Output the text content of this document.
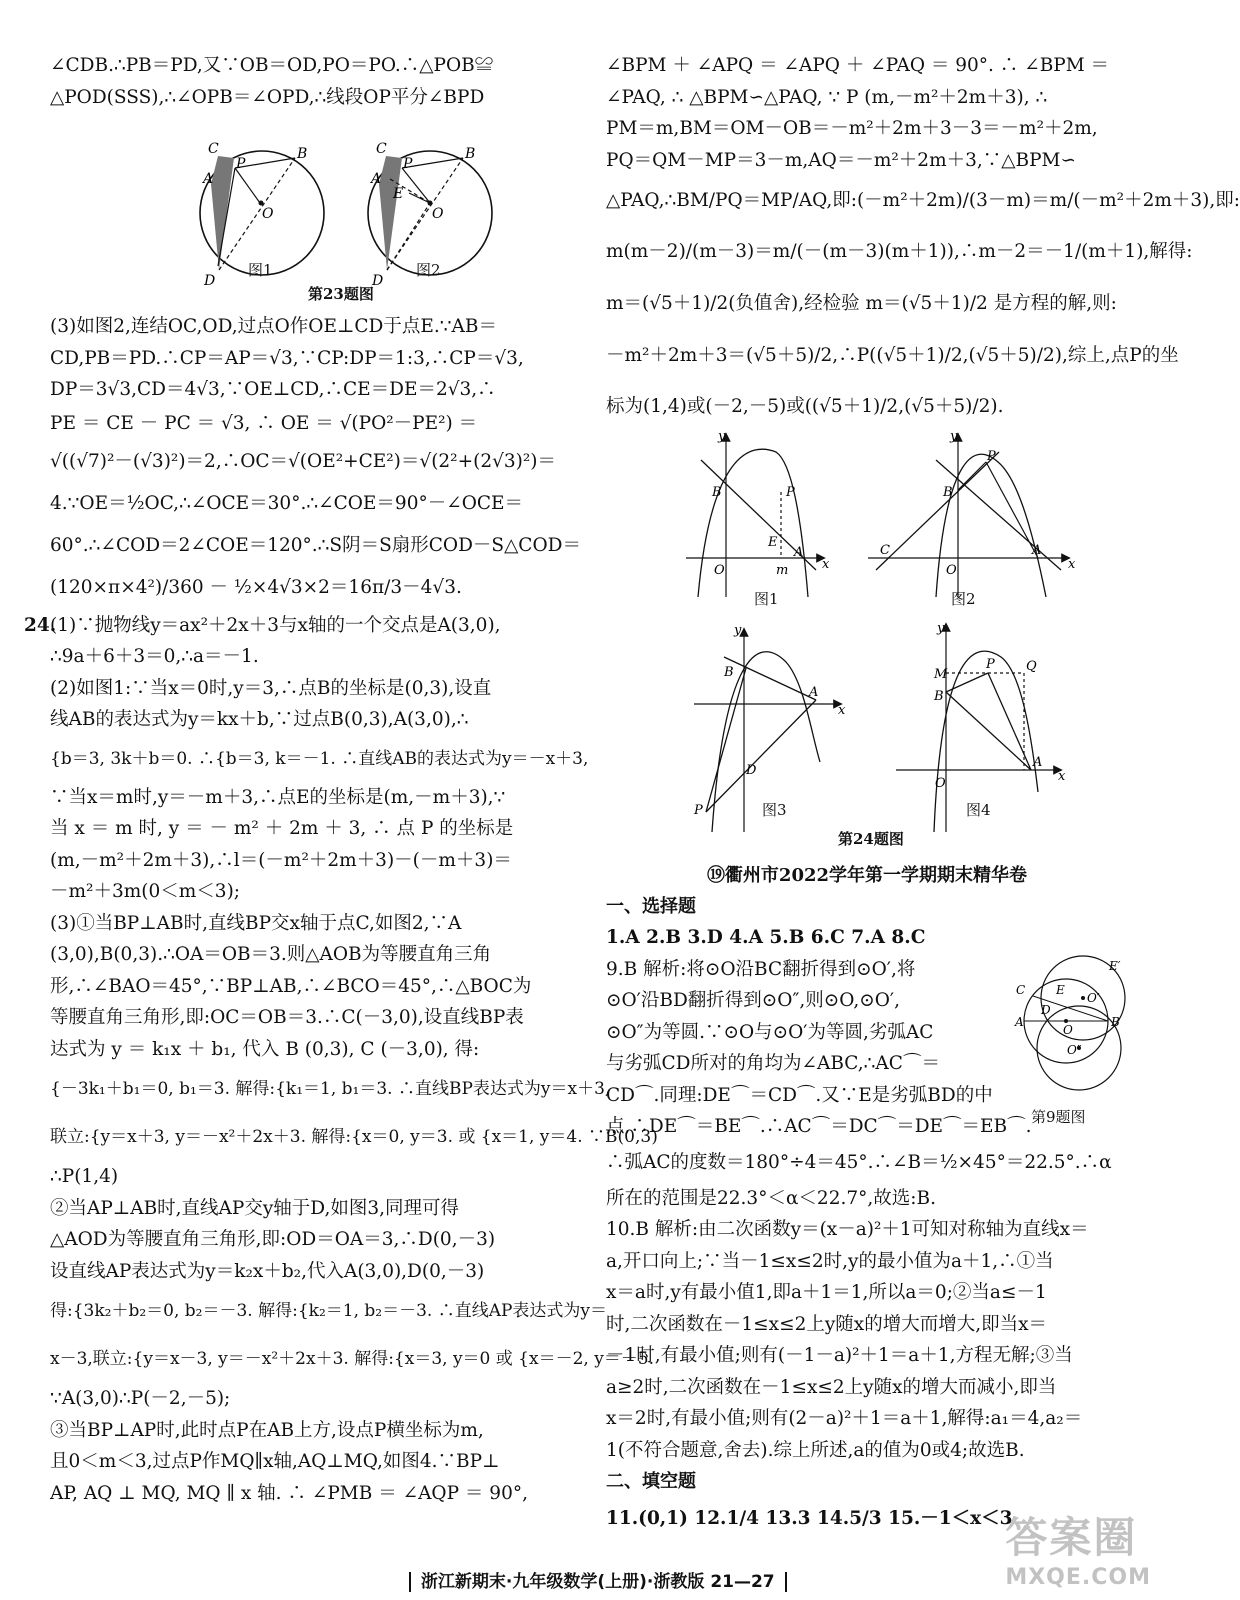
∠CDB.∴PB＝PD,又∵OB＝OD,PO＝PO.∴△POB≌
△POD(SSS),∴∠OPB＝∠OPD,∴线段OP平分∠BPD
A
C
P
B
O
D
A
C
P
E
B
O
D
图1	图2
第23题图
(3)如图2,连结OC,OD,过点O作OE⊥CD于点E.∵AB＝
CD,PB＝PD.∴CP＝AP＝√3,∵CP:DP＝1:3,∴CP＝√3,
DP＝3√3,CD＝4√3,∵OE⊥CD,∴CE＝DE＝2√3,∴
PE ＝ CE － PC ＝ √3, ∴ OE ＝ √(PO²－PE²) ＝
√((√7)²－(√3)²)＝2,∴OC＝√(OE²+CE²)＝√(2²+(2√3)²)＝
4.∵OE＝½OC,∴∠OCE＝30°.∴∠COE＝90°－∠OCE＝
60°.∴∠COD＝2∠COE＝120°.∴S阴＝S扇形COD－S△COD＝
(120×π×4²)/360 － ½×4√3×2＝16π/3－4√3.
24.
(1)∵抛物线y＝ax²＋2x＋3与x轴的一个交点是A(3,0),
∴9a＋6＋3＝0,∴a＝－1.
(2)如图1:∵当x＝0时,y＝3,∴点B的坐标是(0,3),设直
线AB的表达式为y＝kx＋b,∵过点B(0,3),A(3,0),∴
{b＝3, 3k＋b＝0. ∴{b＝3, k＝－1. ∴直线AB的表达式为y＝－x＋3,
∵当x＝m时,y＝－m＋3,∴点E的坐标是(m,－m＋3),∵
当 x ＝ m 时, y ＝ － m² ＋ 2m ＋ 3, ∴ 点 P 的坐标是
(m,－m²＋2m＋3),∴l＝(－m²＋2m＋3)－(－m＋3)＝
－m²＋3m(0＜m＜3);
(3)①当BP⊥AB时,直线BP交x轴于点C,如图2,∵A
(3,0),B(0,3).∴OA＝OB＝3.则△AOB为等腰直角三角
形,∴∠BAO＝45°,∵BP⊥AB,∴∠BCO＝45°,∴△BOC为
等腰直角三角形,即:OC＝OB＝3.∴C(－3,0),设直线BP表
达式为 y ＝ k₁x ＋ b₁, 代入 B (0,3), C (－3,0), 得:
{－3k₁＋b₁＝0, b₁＝3. 解得:{k₁＝1, b₁＝3. ∴直线BP表达式为y＝x＋3,
联立:{y＝x＋3, y＝－x²＋2x＋3. 解得:{x＝0, y＝3. 或 {x＝1, y＝4. ∵B(0,3)
∴P(1,4)
②当AP⊥AB时,直线AP交y轴于D,如图3,同理可得
△AOD为等腰直角三角形,即:OD＝OA＝3,∴D(0,－3)
设直线AP表达式为y＝k₂x＋b₂,代入A(3,0),D(0,－3)
得:{3k₂＋b₂＝0, b₂＝－3. 解得:{k₂＝1, b₂＝－3. ∴直线AP表达式为y＝
x－3,联立:{y＝x－3, y＝－x²＋2x＋3. 解得:{x＝3, y＝0 或 {x＝－2, y＝－5.
∵A(3,0)∴P(－2,－5);
③当BP⊥AP时,此时点P在AB上方,设点P横坐标为m,
且0＜m＜3,过点P作MQ∥x轴,AQ⊥MQ,如图4.∵BP⊥
AP, AQ ⊥ MQ, MQ ∥ x 轴. ∴ ∠PMB ＝ ∠AQP ＝ 90°,
∠BPM ＋ ∠APQ ＝ ∠APQ ＋ ∠PAQ ＝ 90°. ∴ ∠BPM ＝
∠PAQ, ∴ △BPM∽△PAQ, ∵ P (m,－m²＋2m＋3), ∴
PM＝m,BM＝OM－OB＝－m²＋2m＋3－3＝－m²＋2m,
PQ＝QM－MP＝3－m,AQ＝－m²＋2m＋3,∵△BPM∽
△PAQ,∴BM/PQ＝MP/AQ,即:(－m²＋2m)/(3－m)＝m/(－m²＋2m＋3),即:
m(m－2)/(m－3)＝m/(－(m－3)(m＋1)),∴m－2＝－1/(m＋1),解得:
m＝(√5＋1)/2(负值舍),经检验 m＝(√5＋1)/2 是方程的解,则:
－m²＋2m＋3＝(√5＋5)/2,∴P((√5＋1)/2,(√5＋5)/2),综上,点P的坐
标为(1,4)或(－2,－5)或((√5＋1)/2,(√5＋5)/2).
y
x
O
B	P
E
A
m
y
x
O
B
P
C	A
y
x
B
A
D
P
y
x
O
M
B
P Q
A
图1	图2
图3	图4
第24题图
⑲衢州市2022学年第一学期期末精华卷
一、选择题
1.A 2.B 3.D 4.A 5.B 6.C 7.A 8.C
9.B 解析:将⊙O沿BC翻折得到⊙O′,将
⊙O′沿BD翻折得到⊙O″,则⊙O,⊙O′,
⊙O″为等圆.∵⊙O与⊙O′为等圆,劣弧AC
与劣弧CD所对的角均为∠ABC,∴AC⌒＝
CD⌒.同理:DE⌒＝CD⌒.又∵E是劣弧BD的中
点,∴DE⌒＝BE⌒.∴AC⌒＝DC⌒＝DE⌒＝EB⌒.
∴弧AC的度数＝180°÷4＝45°.∴∠B＝½×45°＝22.5°.∴α
所在的范围是22.3°＜α＜22.7°,故选:B.
E′
C	E
O′
D
A	B
O
O″
第9题图
10.B 解析:由二次函数y＝(x－a)²＋1可知对称轴为直线x＝
a,开口向上;∵当－1≤x≤2时,y的最小值为a＋1,∴①当
x＝a时,y有最小值1,即a＋1＝1,所以a＝0;②当a≤－1
时,二次函数在－1≤x≤2上y随x的增大而增大,即当x＝
－1时,有最小值;则有(－1－a)²＋1＝a＋1,方程无解;③当
a≥2时,二次函数在－1≤x≤2上y随x的增大而减小,即当
x＝2时,有最小值;则有(2－a)²＋1＝a＋1,解得:a₁＝4,a₂＝
1(不符合题意,舍去).综上所述,a的值为0或4;故选B.
二、填空题
11.(0,1) 12.1/4 13.3 14.5/3 15.－1＜x＜3
浙江新期末·九年级数学(上册)·浙教版 21—27
答案圈
MXQE.COM
